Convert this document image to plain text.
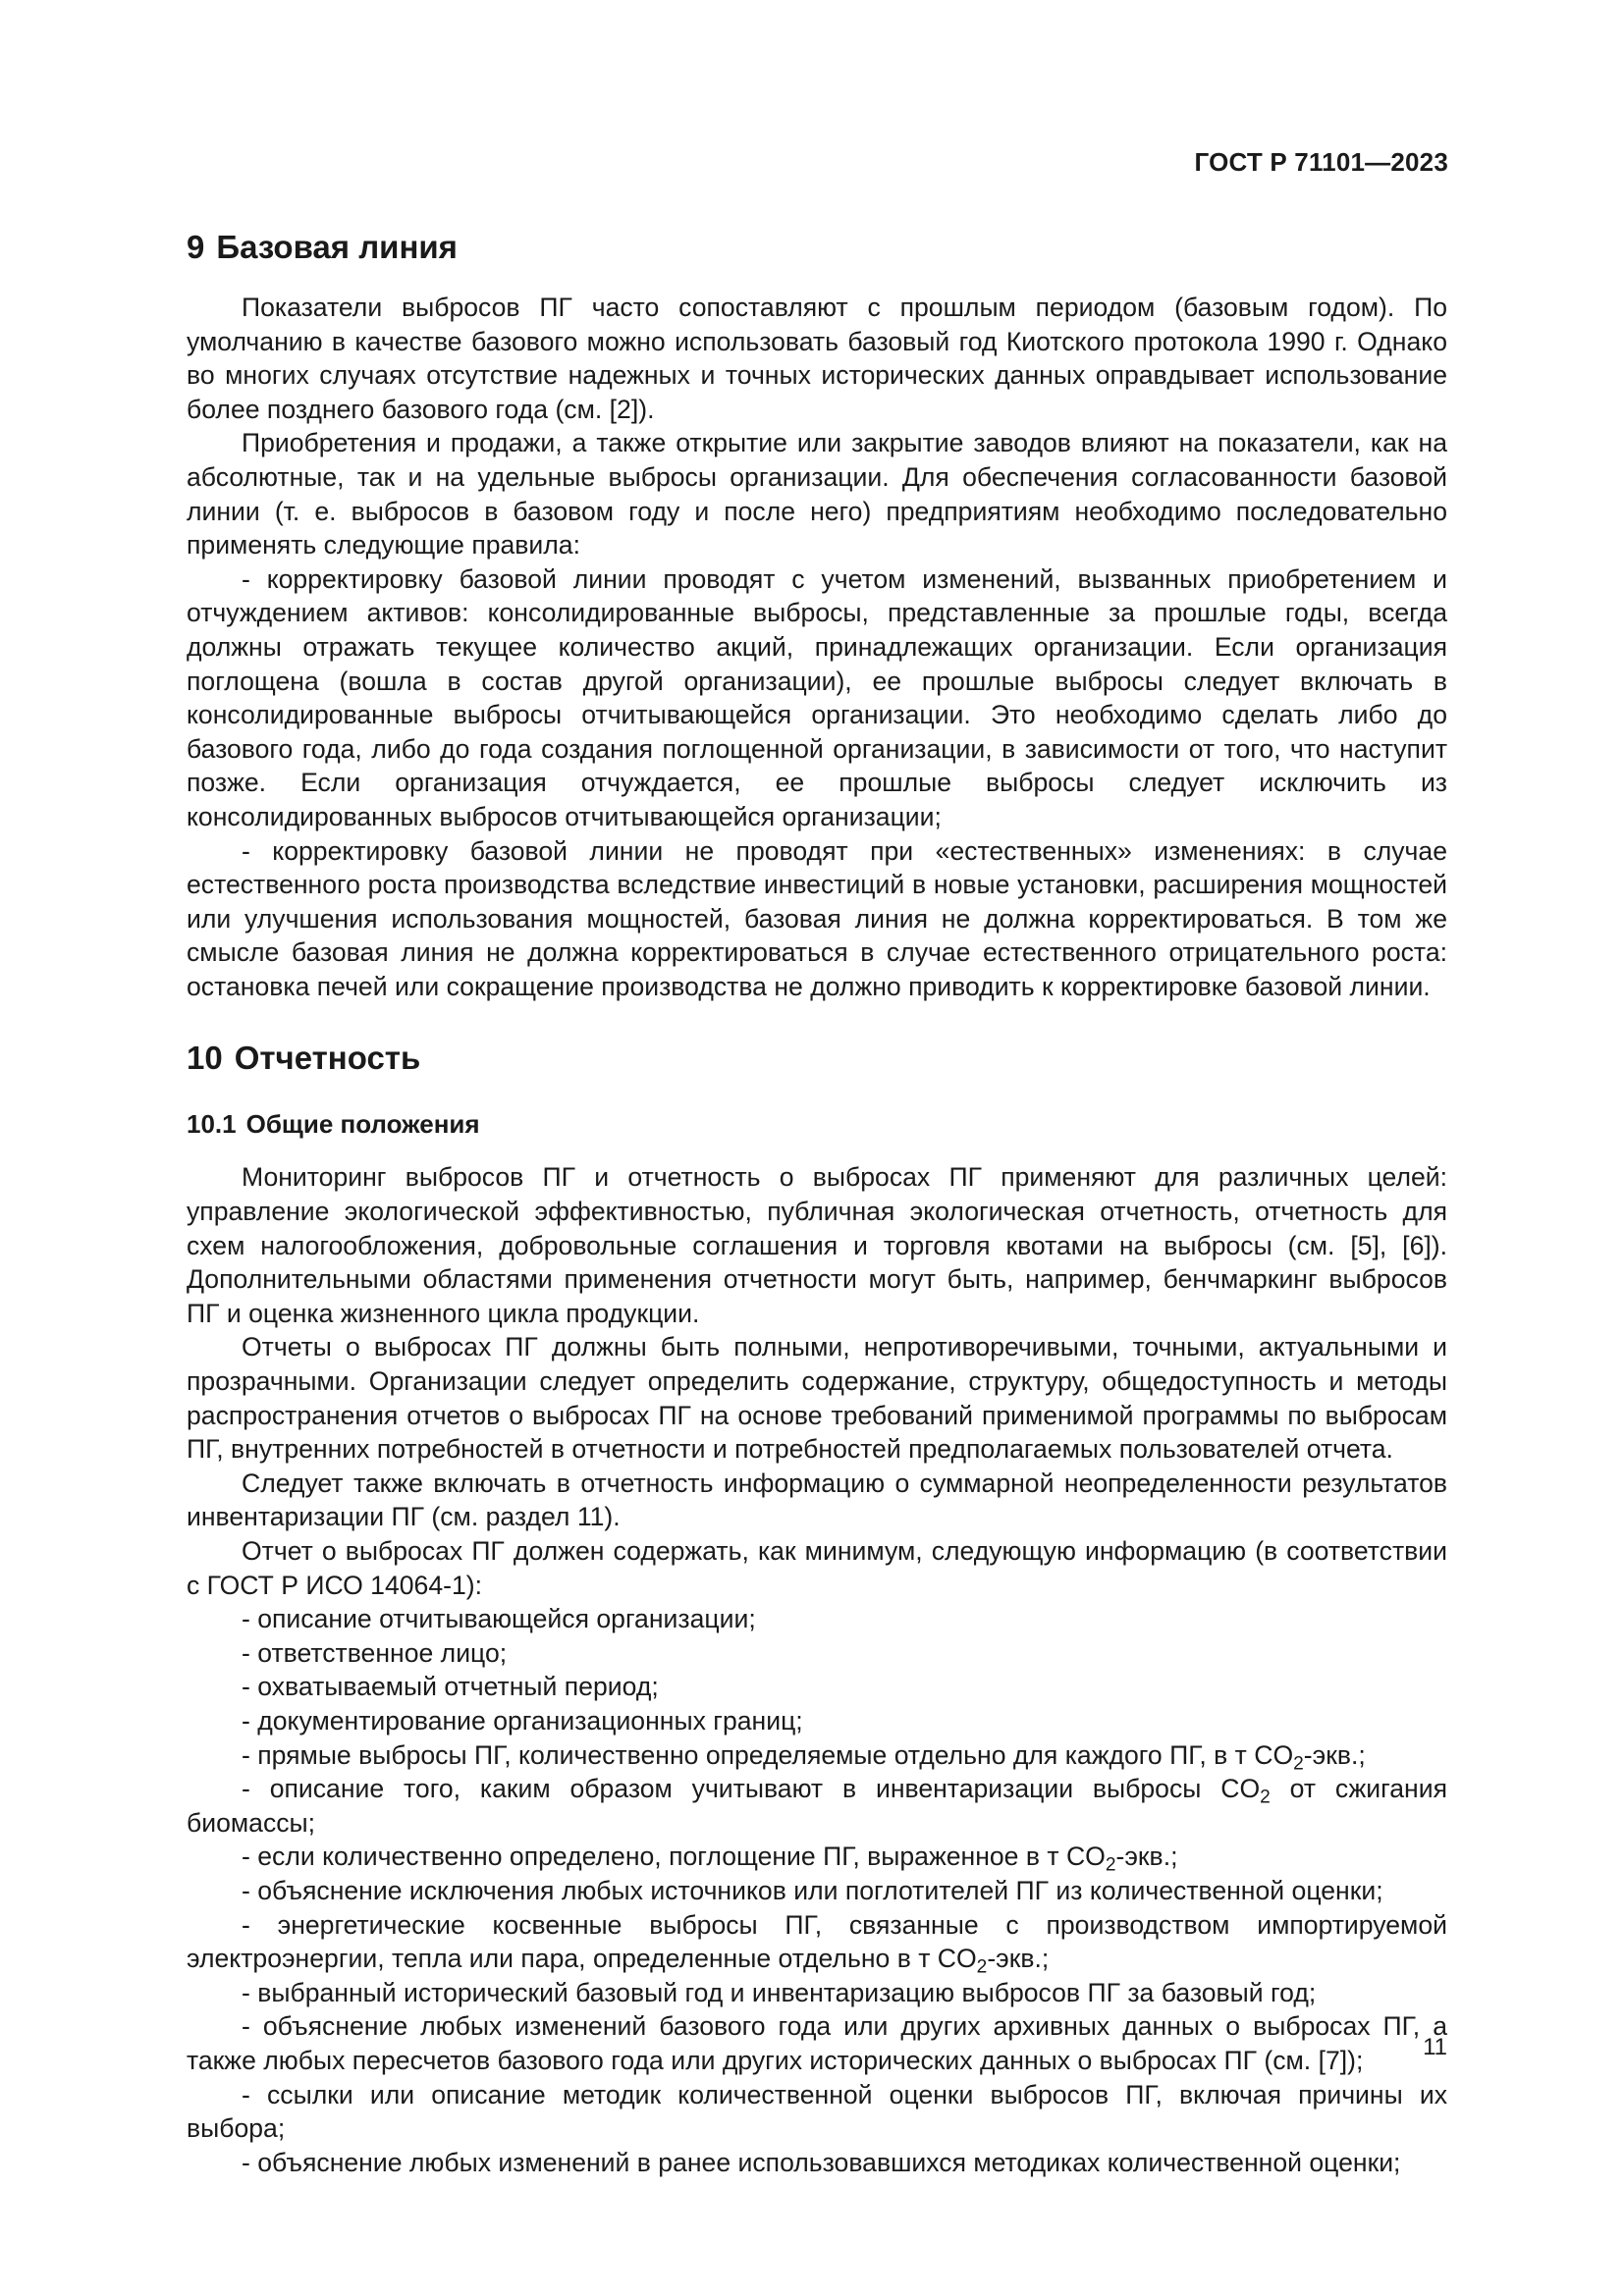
ГОСТ Р 71101—2023
9 Базовая линия

Показатели выбросов ПГ часто сопоставляют с прошлым периодом (базовым годом). По умолчанию в качестве базового можно использовать базовый год Киотского протокола 1990 г. Однако во многих случаях отсутствие надежных и точных исторических данных оправдывает использование более позднего базового года (см. [2]).

Приобретения и продажи, а также открытие или закрытие заводов влияют на показатели, как на абсолютные, так и на удельные выбросы организации. Для обеспечения согласованности базовой линии (т. е. выбросов в базовом году и после него) предприятиям необходимо последовательно применять следующие правила:

- корректировку базовой линии проводят с учетом изменений, вызванных приобретением и отчуждением активов: консолидированные выбросы, представленные за прошлые годы, всегда должны отражать текущее количество акций, принадлежащих организации. Если организация поглощена (вошла в состав другой организации), ее прошлые выбросы следует включать в консолидированные выбросы отчитывающейся организации. Это необходимо сделать либо до базового года, либо до года создания поглощенной организации, в зависимости от того, что наступит позже. Если организация отчуждается, ее прошлые выбросы следует исключить из консолидированных выбросов отчитывающейся организации;

- корректировку базовой линии не проводят при «естественных» изменениях: в случае естественного роста производства вследствие инвестиций в новые установки, расширения мощностей или улучшения использования мощностей, базовая линия не должна корректироваться. В том же смысле базовая линия не должна корректироваться в случае естественного отрицательного роста: остановка печей или сокращение производства не должно приводить к корректировке базовой линии.

10 Отчетность
10.1 Общие положения

Мониторинг выбросов ПГ и отчетность о выбросах ПГ применяют для различных целей: управление экологической эффективностью, публичная экологическая отчетность, отчетность для схем налогообложения, добровольные соглашения и торговля квотами на выбросы (см. [5], [6]). Дополнительными областями применения отчетности могут быть, например, бенчмаркинг выбросов ПГ и оценка жизненного цикла продукции.

Отчеты о выбросах ПГ должны быть полными, непротиворечивыми, точными, актуальными и прозрачными. Организации следует определить содержание, структуру, общедоступность и методы распространения отчетов о выбросах ПГ на основе требований применимой программы по выбросам ПГ, внутренних потребностей в отчетности и потребностей предполагаемых пользователей отчета.

Следует также включать в отчетность информацию о суммарной неопределенности результатов инвентаризации ПГ (см. раздел 11).

Отчет о выбросах ПГ должен содержать, как минимум, следующую информацию (в соответствии с ГОСТ Р ИСО 14064-1):

- описание отчитывающейся организации;

- ответственное лицо;

- охватываемый отчетный период;

- документирование организационных границ;

- прямые выбросы ПГ, количественно определяемые отдельно для каждого ПГ, в т $CO_2$-экв.;

- описание того, каким образом учитывают в инвентаризации выбросы $CO_2$ от сжигания биомассы;

- если количественно определено, поглощение ПГ, выраженное в т $CO_2$-экв.;

- объяснение исключения любых источников или поглотителей ПГ из количественной оценки;

- энергетические косвенные выбросы ПГ, связанные с производством импортируемой электроэнергии, тепла или пара, определенные отдельно в т $CO_2$-экв.;

- выбранный исторический базовый год и инвентаризацию выбросов ПГ за базовый год;

- объяснение любых изменений базового года или других архивных данных о выбросах ПГ, а также любых пересчетов базового года или других исторических данных о выбросах ПГ (см. [7]);

- ссылки или описание методик количественной оценки выбросов ПГ, включая причины их выбора;

- объяснение любых изменений в ранее использовавшихся методиках количественной оценки;

11
